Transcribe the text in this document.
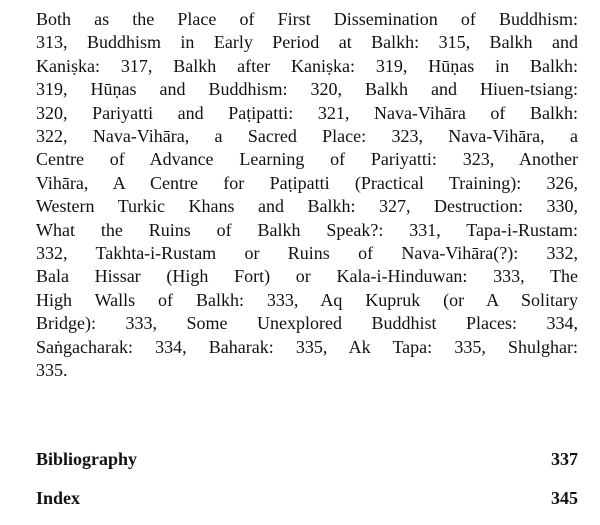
Both as the Place of First Dissemination of Buddhism:
313, Buddhism in Early Period at Balkh: 315, Balkh and
Kaniṣka: 317, Balkh after Kaniṣka: 319, Hūṇas in Balkh:
319, Hūṇas and Buddhism: 320, Balkh and Hiuen-tsiang:
320, Pariyatti and Paṭipatti: 321, Nava-Vihāra of Balkh:
322, Nava-Vihāra, a Sacred Place: 323, Nava-Vihāra, a
Centre of Advance Learning of Pariyatti: 323, Another
Vihāra, A Centre for Paṭipatti (Practical Training): 326,
Western Turkic Khans and Balkh: 327, Destruction: 330,
What the Ruins of Balkh Speak?: 331, Tapa-i-Rustam:
332, Takhta-i-Rustam or Ruins of Nava-Vihāra(?): 332,
Bala Hissar (High Fort) or Kala-i-Hinduwan: 333, The
High Walls of Balkh: 333, Aq Kupruk (or A Solitary
Bridge): 333, Some Unexplored Buddhist Places: 334,
Saṅgacharak: 334, Baharak: 335, Ak Tapa: 335, Shulghar:
335.
Bibliography	337
Index	345
